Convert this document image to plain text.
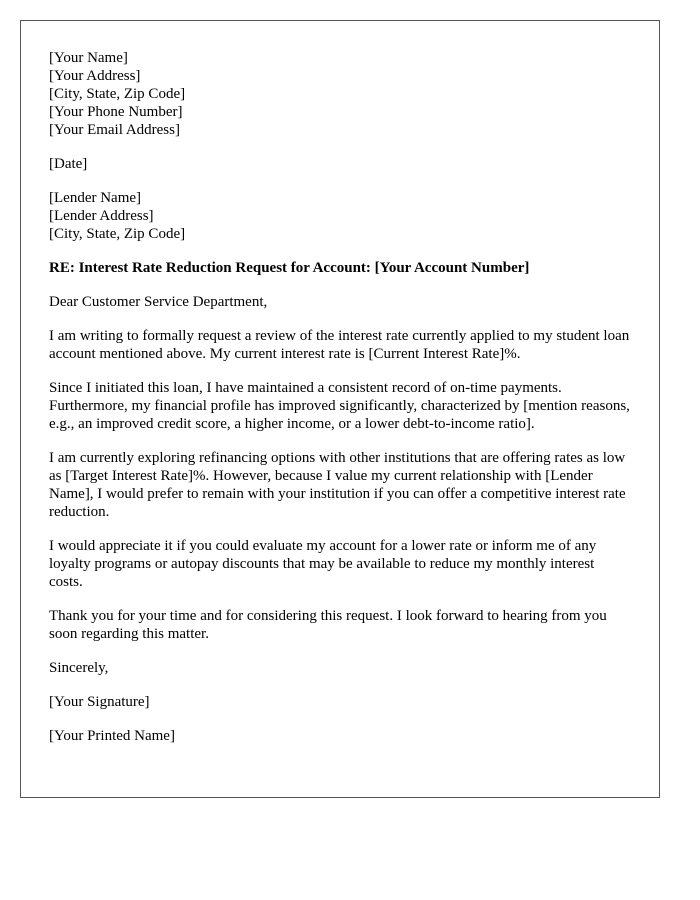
[Your Name]
[Your Address]
[City, State, Zip Code]
[Your Phone Number]
[Your Email Address]
[Date]
[Lender Name]
[Lender Address]
[City, State, Zip Code]

RE: Interest Rate Reduction Request for Account: [Your Account Number]

Dear Customer Service Department,

I am writing to formally request a review of the interest rate currently applied to my student loan account mentioned above. My current interest rate is [Current Interest Rate]%.

Since I initiated this loan, I have maintained a consistent record of on-time payments. Furthermore, my financial profile has improved significantly, characterized by [mention reasons, e.g., an improved credit score, a higher income, or a lower debt-to-income ratio].

I am currently exploring refinancing options with other institutions that are offering rates as low as [Target Interest Rate]%. However, because I value my current relationship with [Lender Name], I would prefer to remain with your institution if you can offer a competitive interest rate reduction.

I would appreciate it if you could evaluate my account for a lower rate or inform me of any loyalty programs or autopay discounts that may be available to reduce my monthly interest costs.

Thank you for your time and for considering this request. I look forward to hearing from you soon regarding this matter.

Sincerely,

[Your Signature]

[Your Printed Name]
